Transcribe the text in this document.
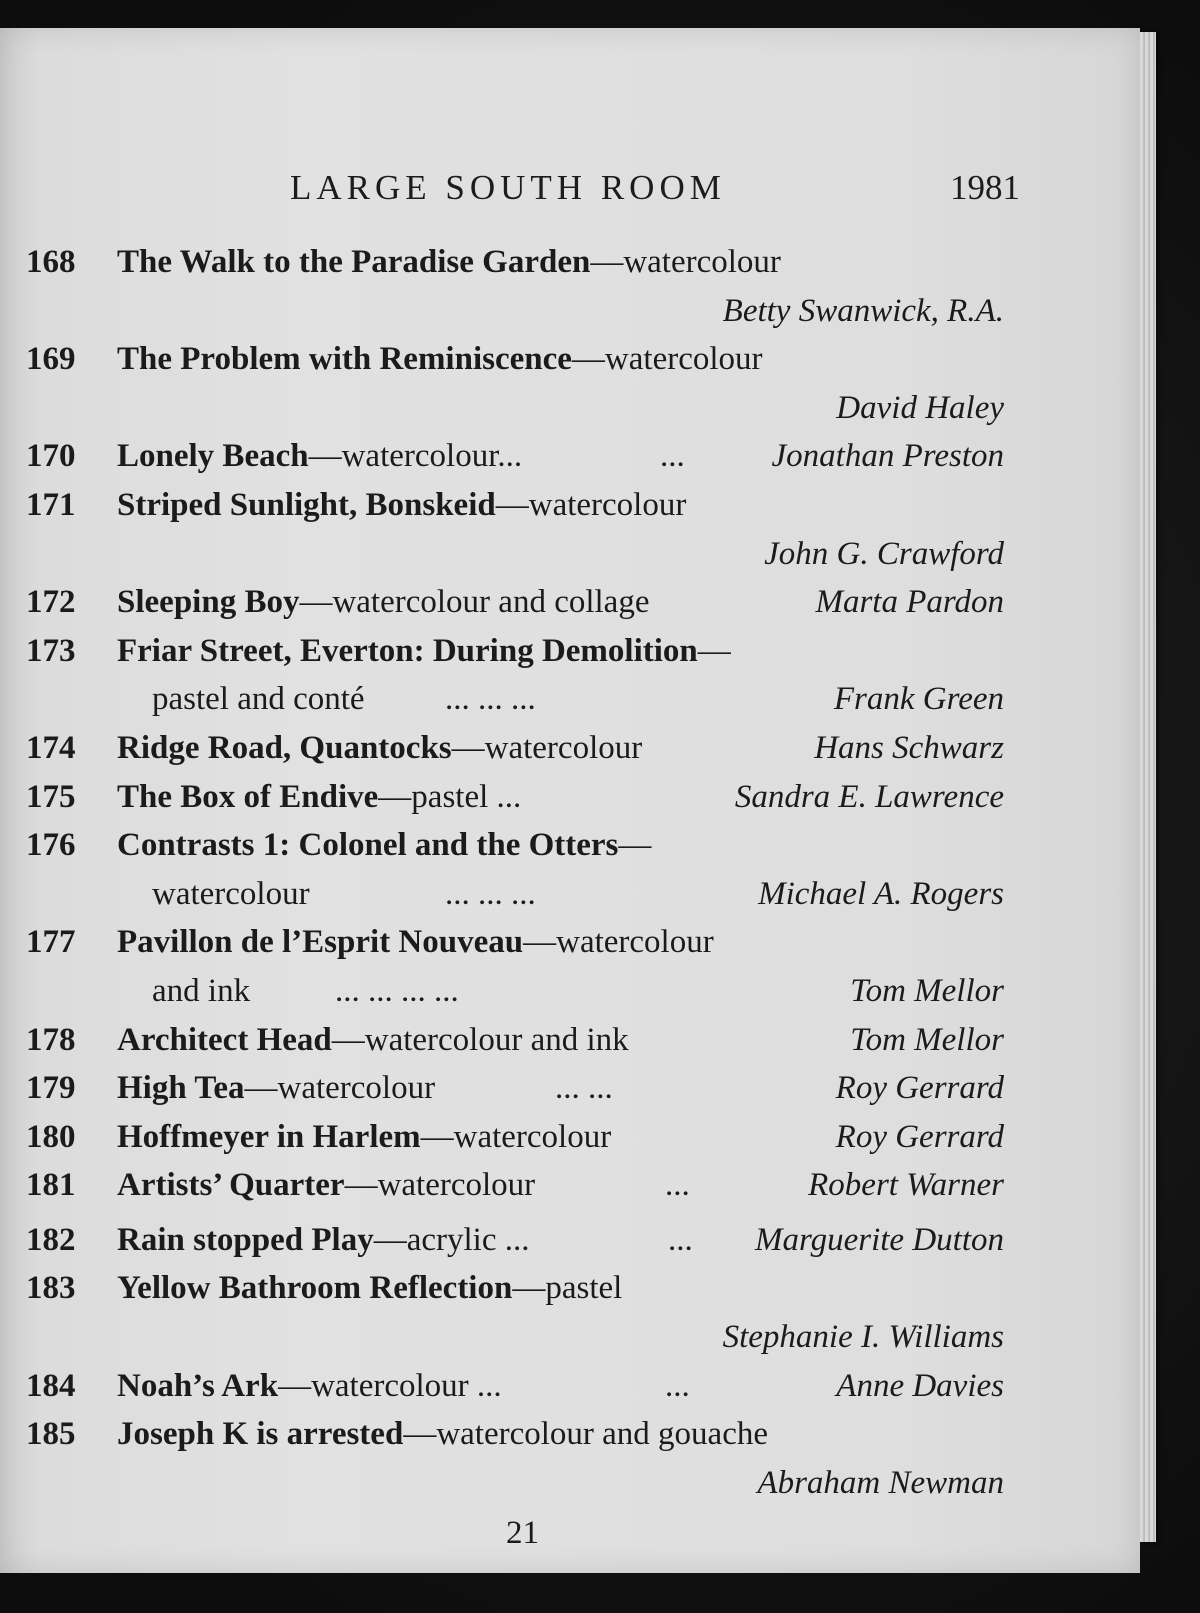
LARGE SOUTH ROOM	1981
168 The Walk to the Paradise Garden—watercolour
Betty Swanwick, R.A.
169 The Problem with Reminiscence—watercolour
David Haley
170 Lonely Beach—watercolour...	...	Jonathan Preston
171 Striped Sunlight, Bonskeid—watercolour
John G. Crawford
172 Sleeping Boy—watercolour and collage	Marta Pardon
173 Friar Street, Everton: During Demolition—
pastel and conté ... ... ...	Frank Green
174 Ridge Road, Quantocks—watercolour	Hans Schwarz
175 The Box of Endive—pastel ...	Sandra E. Lawrence
176 Contrasts 1: Colonel and the Otters—
watercolour	... ... ...	Michael A. Rogers
177 Pavillon de l’Esprit Nouveau—watercolour
and ink	... ... ... ...	Tom Mellor
178 Architect Head—watercolour and ink	Tom Mellor
179 High Tea—watercolour	... ...	Roy Gerrard
180 Hoffmeyer in Harlem—watercolour	Roy Gerrard
181 Artists’ Quarter—watercolour	...	Robert Warner
182 Rain stopped Play—acrylic ...	... Marguerite Dutton
183 Yellow Bathroom Reflection—pastel
Stephanie I. Williams
184 Noah’s Ark—watercolour ...	...	Anne Davies
185 Joseph K is arrested—watercolour and gouache
Abraham Newman
21
